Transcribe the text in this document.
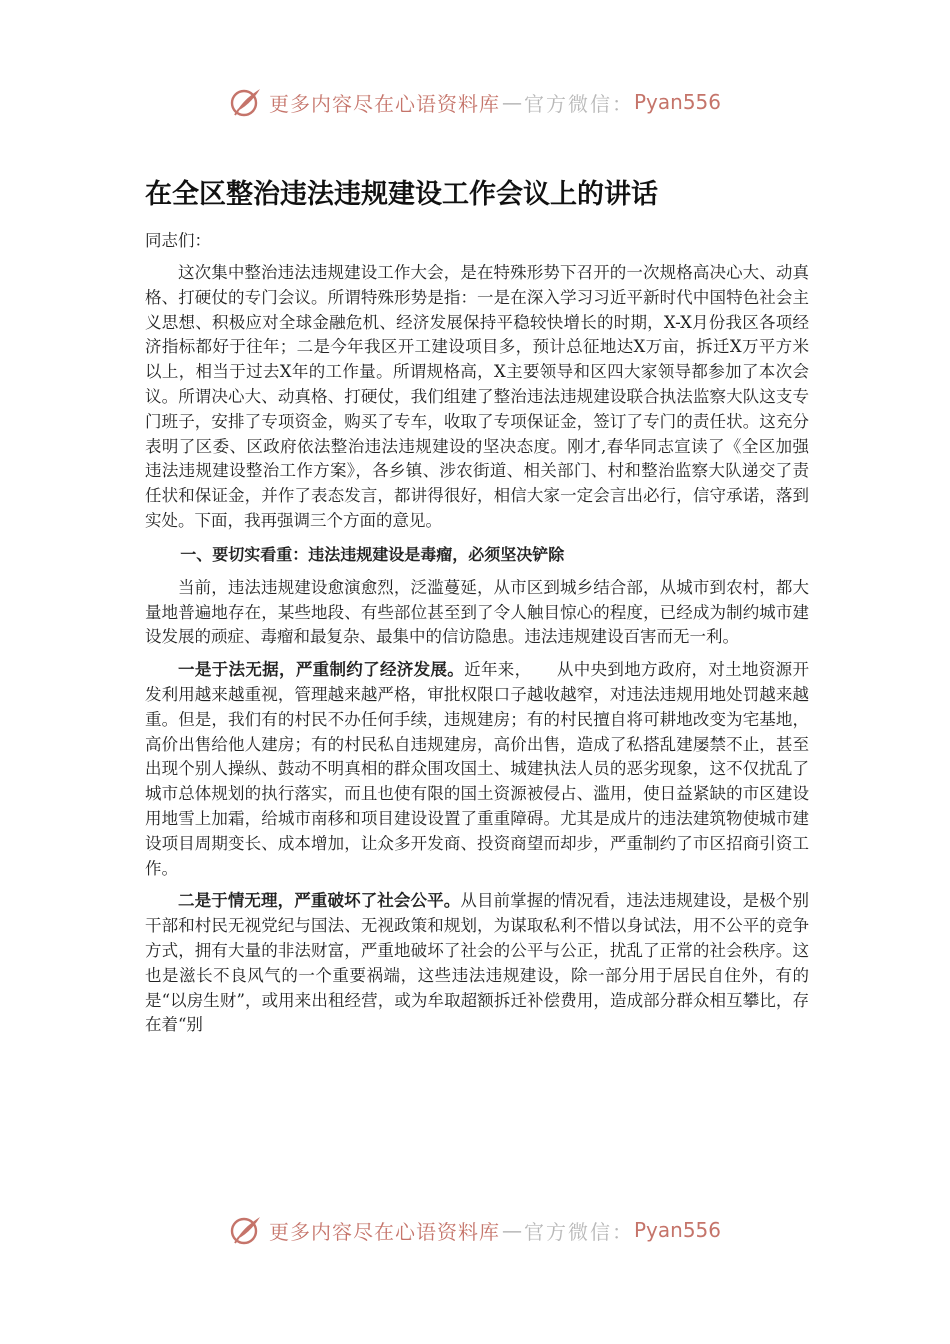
更多内容尽在心语资料库 — 官方微信： Pyan556
在全区整治违法违规建设工作会议上的讲话
同志们：

这次集中整治违法违规建设工作大会，是在特殊形势下召开的一次规格高决心大、动真格、打硬仗的专门会议。所谓特殊形势是指：一是在深入学习习近平新时代中国特色社会主义思想、积极应对全球金融危机、经济发展保持平稳较快增长的时期，X-X月份我区各项经济指标都好于往年；二是今年我区开工建设项目多，预计总征地达X万亩，拆迁X万平方米以上，相当于过去X年的工作量。所谓规格高，X主要领导和区四大家领导都参加了本次会议。所谓决心大、动真格、打硬仗，我们组建了整治违法违规建设联合执法监察大队这支专门班子，安排了专项资金，购买了专车，收取了专项保证金，签订了专门的责任状。这充分表明了区委、区政府依法整治违法违规建设的坚决态度。刚才,春华同志宣读了《全区加强违法违规建设整治工作方案》，各乡镇、涉农街道、相关部门、村和整治监察大队递交了责任状和保证金，并作了表态发言，都讲得很好，相信大家一定会言出必行，信守承诺，落到实处。下面，我再强调三个方面的意见。

一、要切实看重：违法违规建设是毒瘤，必须坚决铲除

当前，违法违规建设愈演愈烈，泛滥蔓延，从市区到城乡结合部，从城市到农村，都大量地普遍地存在，某些地段、有些部位甚至到了令人触目惊心的程度，已经成为制约城市建设发展的顽症、毒瘤和最复杂、最集中的信访隐患。违法违规建设百害而无一利。

一是于法无据，严重制约了经济发展。近年来，　　从中央到地方政府，对土地资源开发利用越来越重视，管理越来越严格，审批权限口子越收越窄，对违法违规用地处罚越来越重。但是，我们有的村民不办任何手续，违规建房；有的村民擅自将可耕地改变为宅基地，高价出售给他人建房；有的村民私自违规建房，高价出售，造成了私搭乱建屡禁不止，甚至出现个别人操纵、鼓动不明真相的群众围攻国土、城建执法人员的恶劣现象，这不仅扰乱了城市总体规划的执行落实，而且也使有限的国土资源被侵占、滥用，使日益紧缺的市区建设用地雪上加霜，给城市南移和项目建设设置了重重障碍。尤其是成片的违法建筑物使城市建设项目周期变长、成本增加，让众多开发商、投资商望而却步，严重制约了市区招商引资工作。

二是于情无理，严重破坏了社会公平。从目前掌握的情况看，违法违规建设，是极个别干部和村民无视党纪与国法、无视政策和规划，为谋取私利不惜以身试法，用不公平的竞争方式，拥有大量的非法财富，严重地破坏了社会的公平与公正，扰乱了正常的社会秩序。这也是滋长不良风气的一个重要祸端，这些违法违规建设，除一部分用于居民自住外，有的是“以房生财”，或用来出租经营，或为牟取超额拆迁补偿费用，造成部分群众相互攀比，存在着“别

更多内容尽在心语资料库 — 官方微信： Pyan556
